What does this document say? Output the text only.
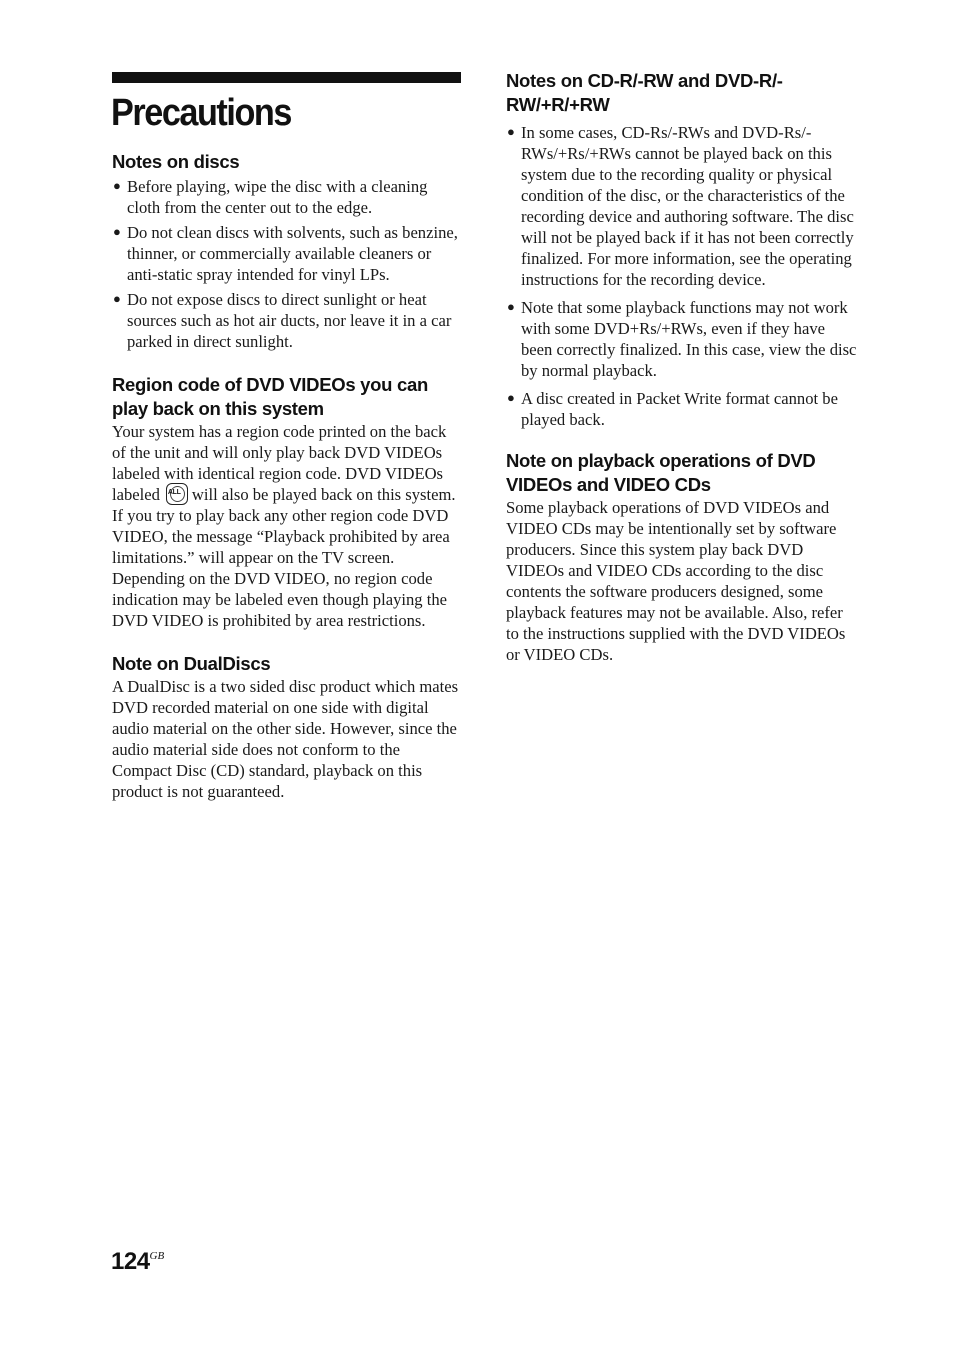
Precautions
Notes on discs
● Before playing, wipe the disc with a cleaning cloth from the center out to the edge.
● Do not clean discs with solvents, such as benzine, thinner, or commercially available cleaners or anti-static spray intended for vinyl LPs.
● Do not expose discs to direct sunlight or heat sources such as hot air ducts, nor leave it in a car parked in direct sunlight.
Region code of DVD VIDEOs you can play back on this system

Your system has a region code printed on the back of the unit and will only play back DVD VIDEOs labeled with identical region code. DVD VIDEOs labeled ALL will also be played back on this system.

If you try to play back any other region code DVD VIDEO, the message “Playback prohibited by area limitations.” will appear on the TV screen. Depending on the DVD VIDEO, no region code indication may be labeled even though playing the DVD VIDEO is prohibited by area restrictions.

Note on DualDiscs

A DualDisc is a two sided disc product which mates DVD recorded material on one side with digital audio material on the other side. However, since the audio material side does not conform to the Compact Disc (CD) standard, playback on this product is not guaranteed.

Notes on CD-R/-RW and DVD-R/-RW/+R/+RW
● In some cases, CD-Rs/-RWs and DVD-Rs/-RWs/+Rs/+RWs cannot be played back on this system due to the recording quality or physical condition of the disc, or the characteristics of the recording device and authoring software. The disc will not be played back if it has not been correctly finalized. For more information, see the operating instructions for the recording device.
● Note that some playback functions may not work with some DVD+Rs/+RWs, even if they have been correctly finalized. In this case, view the disc by normal playback.
● A disc created in Packet Write format cannot be played back.
Note on playback operations of DVD VIDEOs and VIDEO CDs

Some playback operations of DVD VIDEOs and VIDEO CDs may be intentionally set by software producers. Since this system play back DVD VIDEOs and VIDEO CDs according to the disc contents the software producers designed, some playback features may not be available. Also, refer to the instructions supplied with the DVD VIDEOs or VIDEO CDs.

$124^{GB}$
